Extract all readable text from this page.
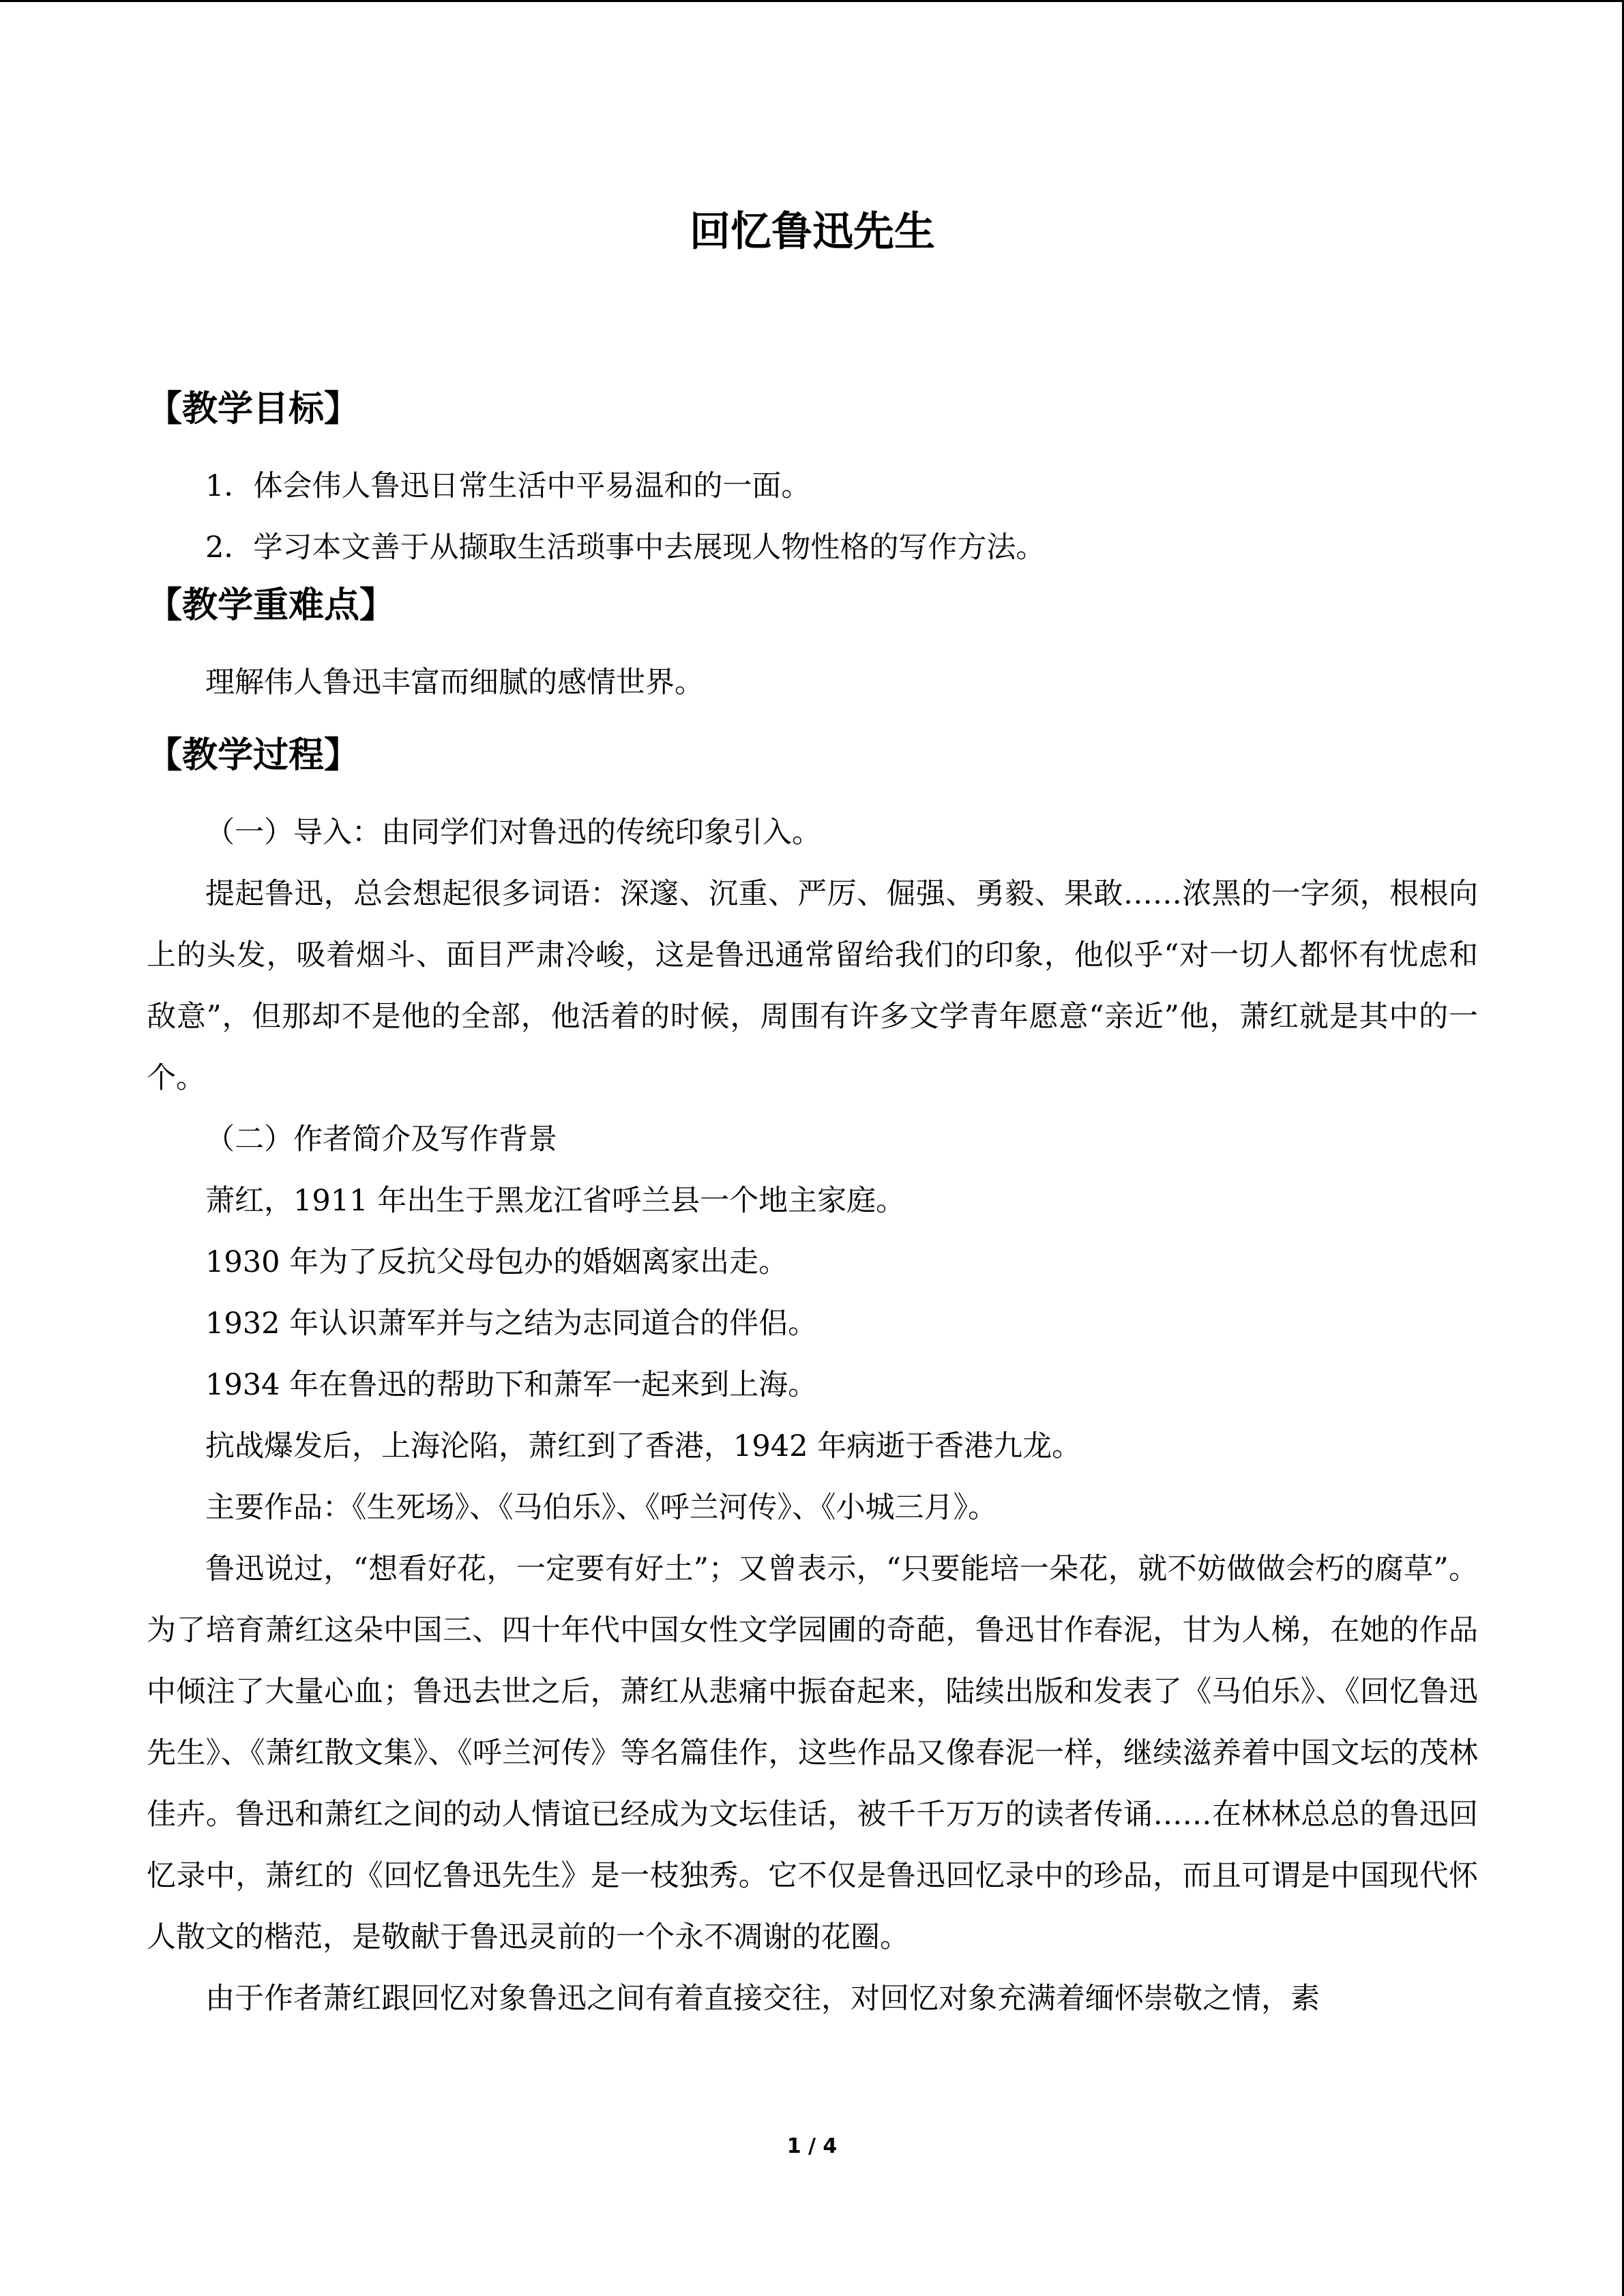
回忆鲁迅先生
【教学目标】

1．体会伟人鲁迅日常生活中平易温和的一面。

2．学习本文善于从撷取生活琐事中去展现人物性格的写作方法。

【教学重难点】

理解伟人鲁迅丰富而细腻的感情世界。

【教学过程】

（一）导入：由同学们对鲁迅的传统印象引入。

提起鲁迅，总会想起很多词语：深邃、沉重、严厉、倔强、勇毅、果敢……浓黑的一字须，根根向上的头发，吸着烟斗、面目严肃冷峻，这是鲁迅通常留给我们的印象，他似乎“对一切人都怀有忧虑和敌意”，但那却不是他的全部，他活着的时候，周围有许多文学青年愿意“亲近”他，萧红就是其中的一个。

（二）作者简介及写作背景

萧红，1911 年出生于黑龙江省呼兰县一个地主家庭。

1930 年为了反抗父母包办的婚姻离家出走。

1932 年认识萧军并与之结为志同道合的伴侣。

1934 年在鲁迅的帮助下和萧军一起来到上海。

抗战爆发后，上海沦陷，萧红到了香港，1942 年病逝于香港九龙。

主要作品：《生死场》、《马伯乐》、《呼兰河传》、《小城三月》。

鲁迅说过，“想看好花，一定要有好土”；又曾表示，“只要能培一朵花，就不妨做做会朽的腐草”。为了培育萧红这朵中国三、四十年代中国女性文学园圃的奇葩，鲁迅甘作春泥，甘为人梯，在她的作品中倾注了大量心血；鲁迅去世之后，萧红从悲痛中振奋起来，陆续出版和发表了《马伯乐》、《回忆鲁迅先生》、《萧红散文集》、《呼兰河传》等名篇佳作，这些作品又像春泥一样，继续滋养着中国文坛的茂林佳卉。鲁迅和萧红之间的动人情谊已经成为文坛佳话，被千千万万的读者传诵……在林林总总的鲁迅回忆录中，萧红的《回忆鲁迅先生》是一枝独秀。它不仅是鲁迅回忆录中的珍品，而且可谓是中国现代怀人散文的楷范，是敬献于鲁迅灵前的一个永不凋谢的花圈。

由于作者萧红跟回忆对象鲁迅之间有着直接交往，对回忆对象充满着缅怀崇敬之情，素

1 / 4
